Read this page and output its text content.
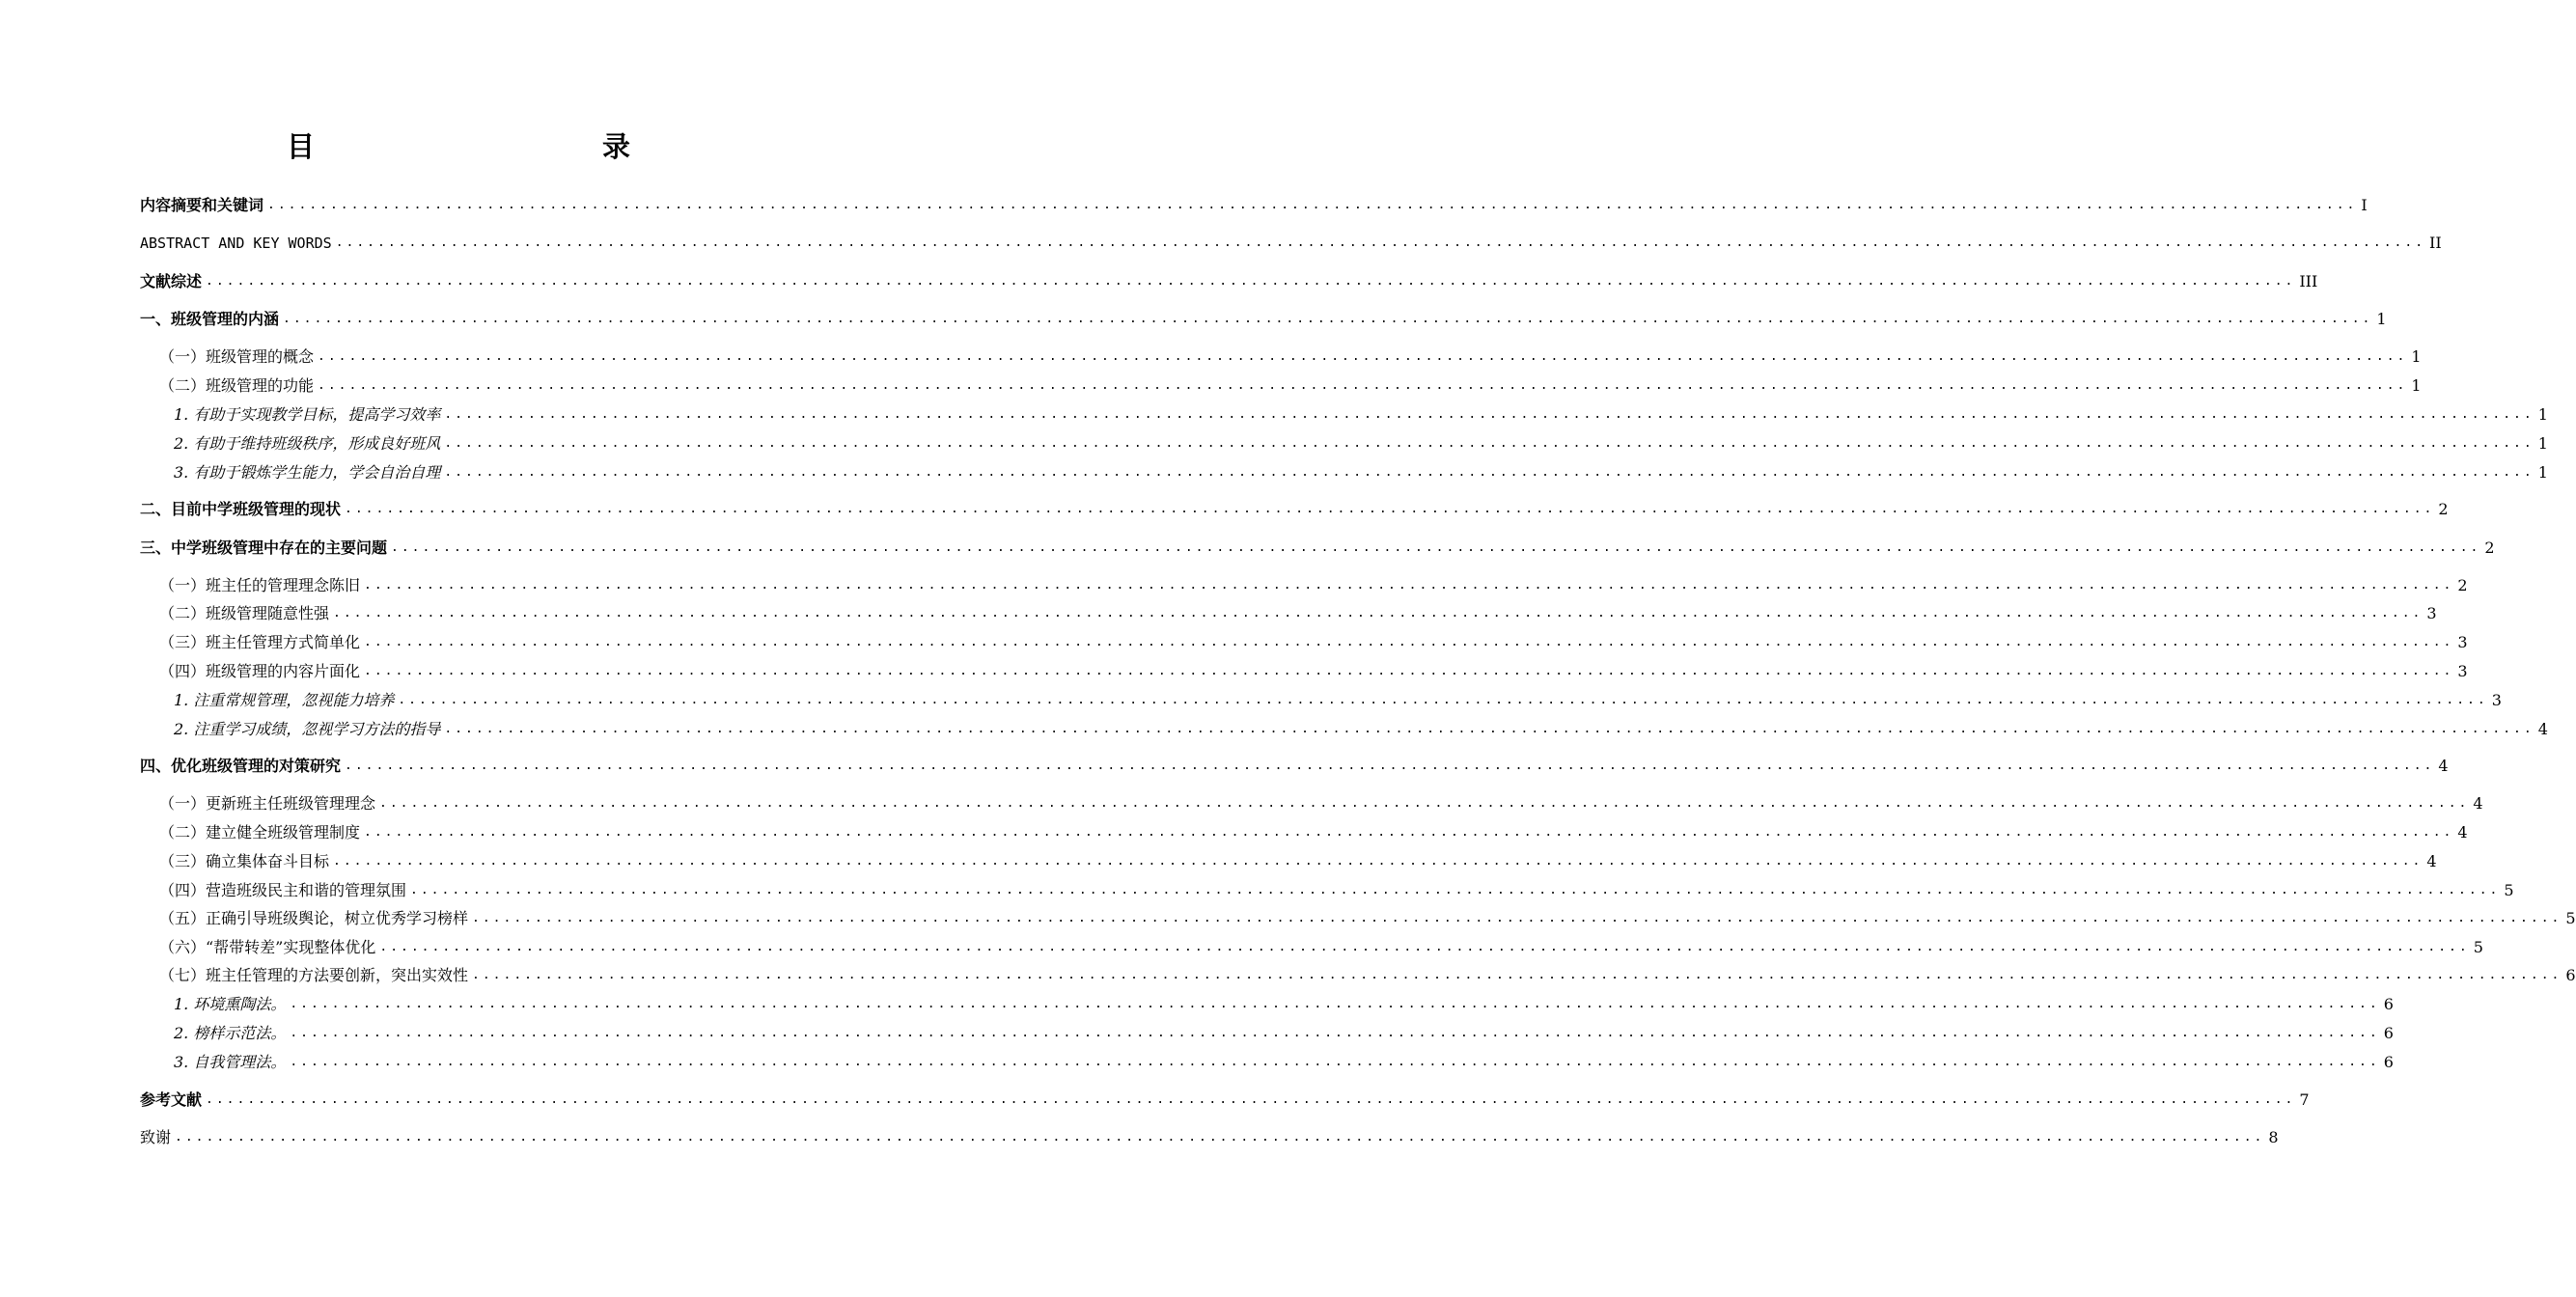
目　　录
内容摘要和关键词 ........................................................................................................................................................................................................ I
ABSTRACT AND KEY WORDS ........................................................................................................................................................................................................ II
文献综述 ........................................................................................................................................................................................................ III
一、班级管理的内涵 ........................................................................................................................................................................................................ 1
（一）班级管理的概念 ........................................................................................................................................................................................................ 1
（二）班级管理的功能 ........................................................................................................................................................................................................ 1
1. 有助于实现教学目标，提高学习效率 ........................................................................................................................................................................................................ 1
2. 有助于维持班级秩序，形成良好班风 ........................................................................................................................................................................................................ 1
3. 有助于锻炼学生能力，学会自治自理 ........................................................................................................................................................................................................ 1
二、目前中学班级管理的现状 ........................................................................................................................................................................................................ 2
三、中学班级管理中存在的主要问题 ........................................................................................................................................................................................................ 2
（一）班主任的管理理念陈旧 ........................................................................................................................................................................................................ 2
（二）班级管理随意性强 ........................................................................................................................................................................................................ 3
（三）班主任管理方式简单化 ........................................................................................................................................................................................................ 3
（四）班级管理的内容片面化 ........................................................................................................................................................................................................ 3
1. 注重常规管理，忽视能力培养 ........................................................................................................................................................................................................ 3
2. 注重学习成绩，忽视学习方法的指导 ........................................................................................................................................................................................................ 4
四、优化班级管理的对策研究 ........................................................................................................................................................................................................ 4
（一）更新班主任班级管理理念 ........................................................................................................................................................................................................ 4
（二）建立健全班级管理制度 ........................................................................................................................................................................................................ 4
（三）确立集体奋斗目标 ........................................................................................................................................................................................................ 4
（四）营造班级民主和谐的管理氛围 ........................................................................................................................................................................................................ 5
（五）正确引导班级舆论，树立优秀学习榜样 ........................................................................................................................................................................................................ 5
（六）“帮带转差”实现整体优化 ........................................................................................................................................................................................................ 5
（七）班主任管理的方法要创新，突出实效性 ........................................................................................................................................................................................................ 6
1. 环境熏陶法。 ........................................................................................................................................................................................................ 6
2. 榜样示范法。 ........................................................................................................................................................................................................ 6
3. 自我管理法。 ........................................................................................................................................................................................................ 6
参考文献 ........................................................................................................................................................................................................ 7
致谢 ........................................................................................................................................................................................................ 8
